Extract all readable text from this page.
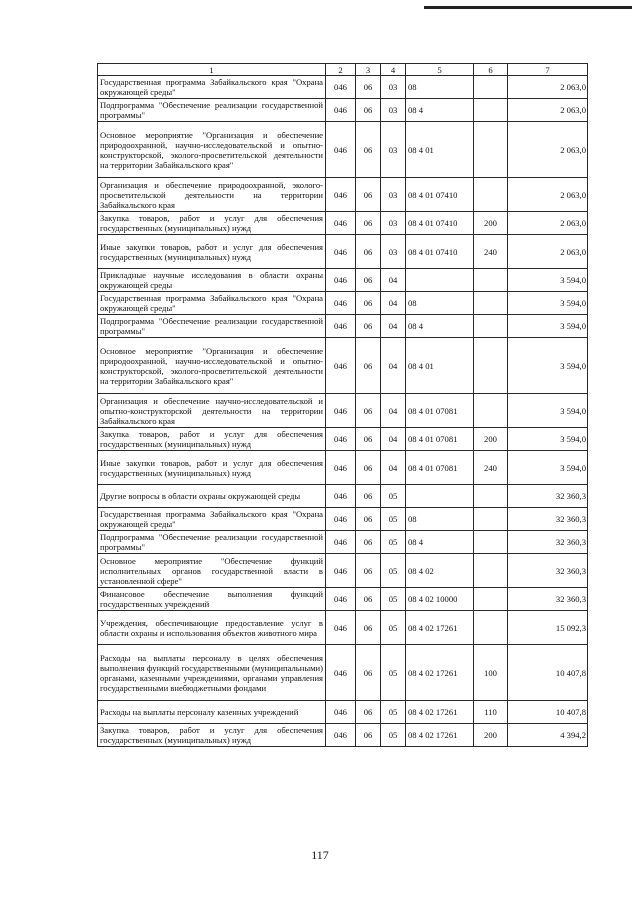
1	2	3	4	5	6	7
Государственная программа Забайкальского края "Охрана окружающей среды"	046	06	03	08		2 063,0
Подпрограмма "Обеспечение реализации государственной программы"	046	06	03	08 4		2 063,0
Основное мероприятие "Организация и обеспечение природоохранной, научно-исследовательской и опытно- конструкторской, эколого-просветительской деятельности на территории Забайкальского края"	046	06	03	08 4 01		2 063,0
Организация и обеспечение природоохранной, эколого-просветительской деятельности на территории Забайкальского края	046	06	03	08 4 01 07410		2 063,0
Закупка товаров, работ и услуг для обеспечения государственных (муниципальных) нужд	046	06	03	08 4 01 07410	200	2 063,0
Иные закупки товаров, работ и услуг для обеспечения государственных (муниципальных) нужд	046	06	03	08 4 01 07410	240	2 063,0
Прикладные научные исследования в области охраны окружающей среды	046	06	04			3 594,0
Государственная программа Забайкальского края "Охрана окружающей среды"	046	06	04	08		3 594,0
Подпрограмма "Обеспечение реализации государственной программы"	046	06	04	08 4		3 594,0
Основное мероприятие "Организация и обеспечение природоохранной, научно-исследовательской и опытно- конструкторской, эколого-просветительской деятельности на территории Забайкальского края"	046	06	04	08 4 01		3 594,0
Организация и обеспечение научно-исследовательской и опытно-конструкторской деятельности на территории Забайкальского края	046	06	04	08 4 01 07081		3 594,0
Закупка товаров, работ и услуг для обеспечения государственных (муниципальных) нужд	046	06	04	08 4 01 07081	200	3 594,0
Иные закупки товаров, работ и услуг для обеспечения государственных (муниципальных) нужд	046	06	04	08 4 01 07081	240	3 594,0
Другие вопросы в области охраны окружающей среды	046	06	05			32 360,3
Государственная программа Забайкальского края "Охрана окружающей среды"	046	06	05	08		32 360,3
Подпрограмма "Обеспечение реализации государственной программы"	046	06	05	08 4		32 360,3
Основное мероприятие "Обеспечение функций исполнительных органов государственной власти в установленной сфере"	046	06	05	08 4 02		32 360,3
Финансовое обеспечение выполнения функций государственных учреждений	046	06	05	08 4 02 10000		32 360,3
Учреждения, обеспечивающие предоставление услуг в области охраны и использования объектов животного мира	046	06	05	08 4 02 17261		15 092,3
Расходы на выплаты персоналу в целях обеспечения выполнения функций государственными (муниципальными) органами, казенными учреждениями, органами управления государственными внебюджетными фондами	046	06	05	08 4 02 17261	100	10 407,8
Расходы на выплаты персоналу казенных учреждений	046	06	05	08 4 02 17261	110	10 407,8
Закупка товаров, работ и услуг для обеспечения государственных (муниципальных) нужд	046	06	05	08 4 02 17261	200	4 394,2
117
